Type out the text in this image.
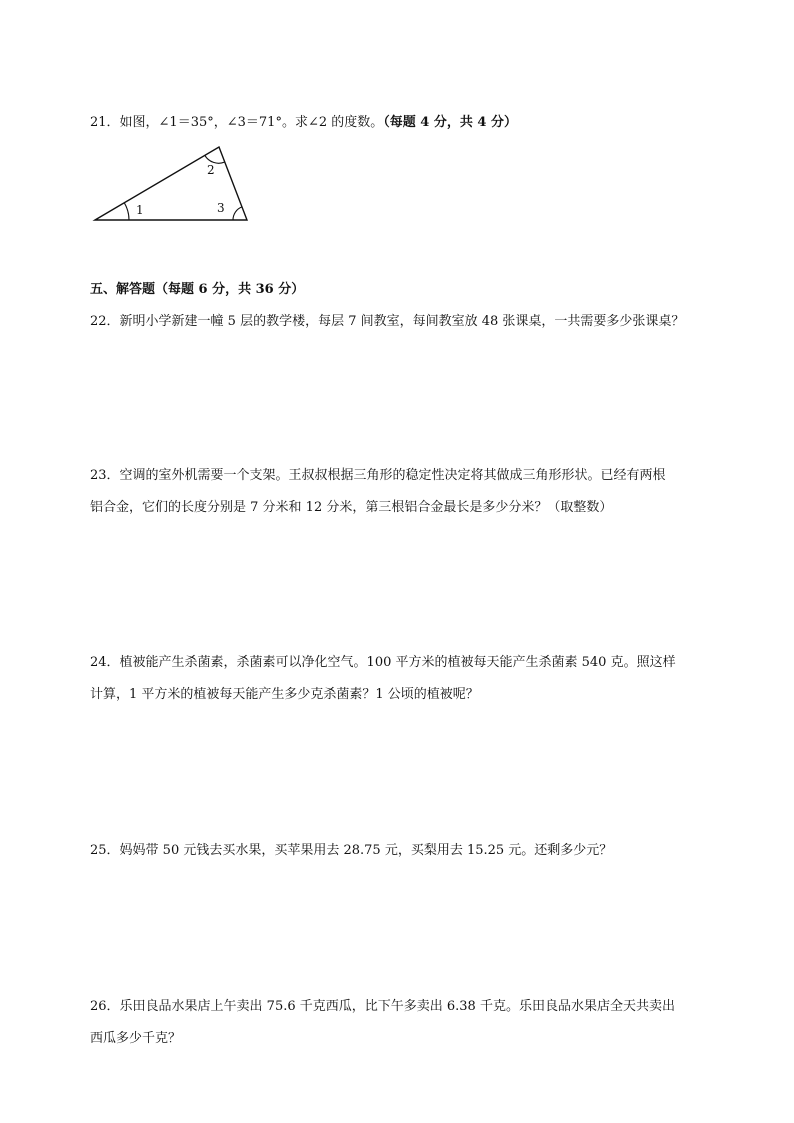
21．如图，∠1＝35°，∠3＝71°。求∠2 的度数。（每题 4 分，共 4 分）
1
2
3
五、解答题（每题 6 分，共 36 分）
22．新明小学新建一幢 5 层的教学楼，每层 7 间教室，每间教室放 48 张课桌，一共需要多少张课桌？
23．空调的室外机需要一个支架。王叔叔根据三角形的稳定性决定将其做成三角形形状。已经有两根
铝合金，它们的长度分别是 7 分米和 12 分米，第三根铝合金最长是多少分米？（取整数）
24．植被能产生杀菌素，杀菌素可以净化空气。100 平方米的植被每天能产生杀菌素 540 克。照这样
计算，1 平方米的植被每天能产生多少克杀菌素？1 公顷的植被呢？
25．妈妈带 50 元钱去买水果，买苹果用去 28.75 元，买梨用去 15.25 元。还剩多少元？
26．乐田良品水果店上午卖出 75.6 千克西瓜，比下午多卖出 6.38 千克。乐田良品水果店全天共卖出
西瓜多少千克？
